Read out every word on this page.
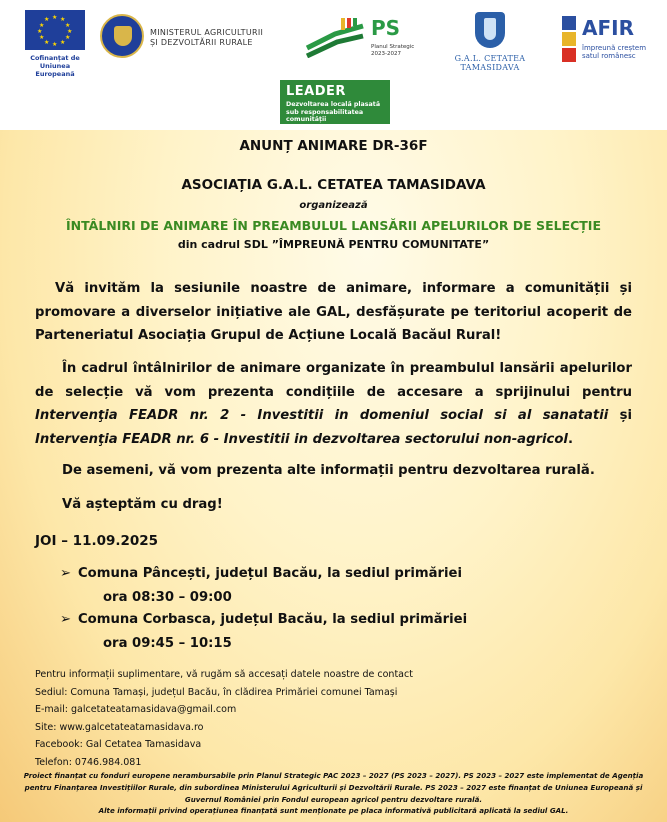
★ ★
★
★
★
★
★
★
★
★
★
★
Cofinanțat de Uniunea Europeană
MINISTERUL AGRICULTURII
ȘI DEZVOLTĂRII RURALE
PS
Planul Strategic
2023-2027	G.A.L. CETATEA TAMASIDAVA
AFIR
împreună creștem
satul românesc
LEADER
Dezvoltarea locală plasată sub responsabilitatea comunității
ANUNȚ ANIMARE DR-36F
ASOCIAȚIA G.A.L. CETATEA TAMASIDAVA
organizează
ÎNTÂLNIRI DE ANIMARE ÎN PREAMBULUL LANSĂRII APELURILOR DE SELECȚIE
din cadrul SDL ”ÎMPREUNĂ PENTRU COMUNITATE”
Vă invităm la sesiunile noastre de animare, informare a comunității și promovare a diverselor inițiative ale GAL, desfășurate pe teritoriul acoperit de Parteneriatul Asociația Grupul de Acțiune Locală Bacăul Rural!
În cadrul întâlnirilor de animare organizate în preambulul lansării apelurilor de selecție vă vom prezenta condițiile de accesare a sprijinului pentru Intervenţia FEADR nr. 2 - Investitii in domeniul social si al sanatatii și Intervenţia FEADR nr. 6 - Investitii in dezvoltarea sectorului non-agricol.
De asemeni, vă vom prezenta alte informații pentru dezvoltarea rurală.
Vă așteptăm cu drag!
JOI – 11.09.2025
➢ Comuna Pâncești, județul Bacău, la sediul primăriei
ora 08:30 – 09:00
➢ Comuna Corbasca, județul Bacău, la sediul primăriei
ora 09:45 – 10:15
Pentru informații suplimentare, vă rugăm să accesați datele noastre de contact
Sediul: Comuna Tamași, județul Bacău, în clădirea Primăriei comunei Tamași
E-mail: galcetateatamasidava@gmail.com
Site: www.galcetateatamasidava.ro
Facebook: Gal Cetatea Tamasidava
Telefon: 0746.984.081
Proiect finanțat cu fonduri europene nerambursabile prin Planul Strategic PAC 2023 – 2027 (PS 2023 – 2027). PS 2023 – 2027 este implementat de Agenția pentru Finanțarea Investițiilor Rurale, din subordinea Ministerului Agriculturii și Dezvoltării Rurale. PS 2023 – 2027 este finanțat de Uniunea Europeană și Guvernul României prin Fondul european agricol pentru dezvoltare rurală.
Alte informații privind operațiunea finanțată sunt menționate pe placa informativă publicitară aplicată la sediul GAL.
